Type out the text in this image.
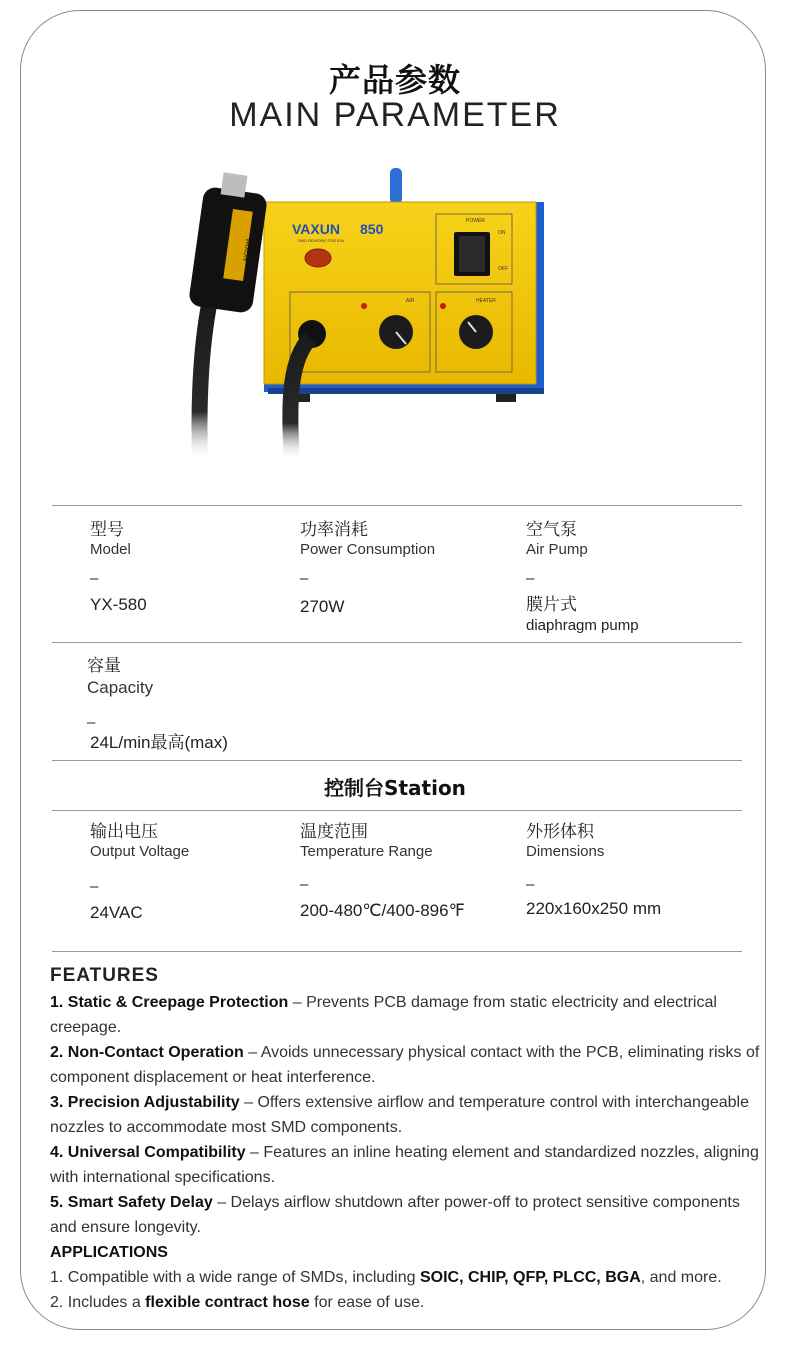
产品参数
MAIN PARAMETER
VAXUN 850
SMD REWORK STATION
POWER
ON
OFF
AIR	HEATER
VAXUN
型号
Model
–
YX-580
功率消耗
Power Consumption
–
270W
空气泵
Air Pump
–
膜片式
diaphragm pump
容量
Capacity
–
24L/min最高(max)
控制台Station
输出电压
Output Voltage
–
24VAC
温度范围
Temperature Range
–
200-480℃/400-896℉
外形体积
Dimensions
–
220x160x250 mm
FEATURES

1. Static & Creepage Protection – Prevents PCB damage from static electricity and electrical creepage.

2. Non-Contact Operation – Avoids unnecessary physical contact with the PCB, eliminating risks of component displacement or heat interference.

3. Precision Adjustability – Offers extensive airflow and temperature control with interchangeable nozzles to accommodate most SMD components.

4. Universal Compatibility – Features an inline heating element and standardized nozzles, aligning with international specifications.

5. Smart Safety Delay – Delays airflow shutdown after power-off to protect sensitive components and ensure longevity.

APPLICATIONS

1. Compatible with a wide range of SMDs, including SOIC, CHIP, QFP, PLCC, BGA, and more.

2. Includes a flexible contract hose for ease of use.
